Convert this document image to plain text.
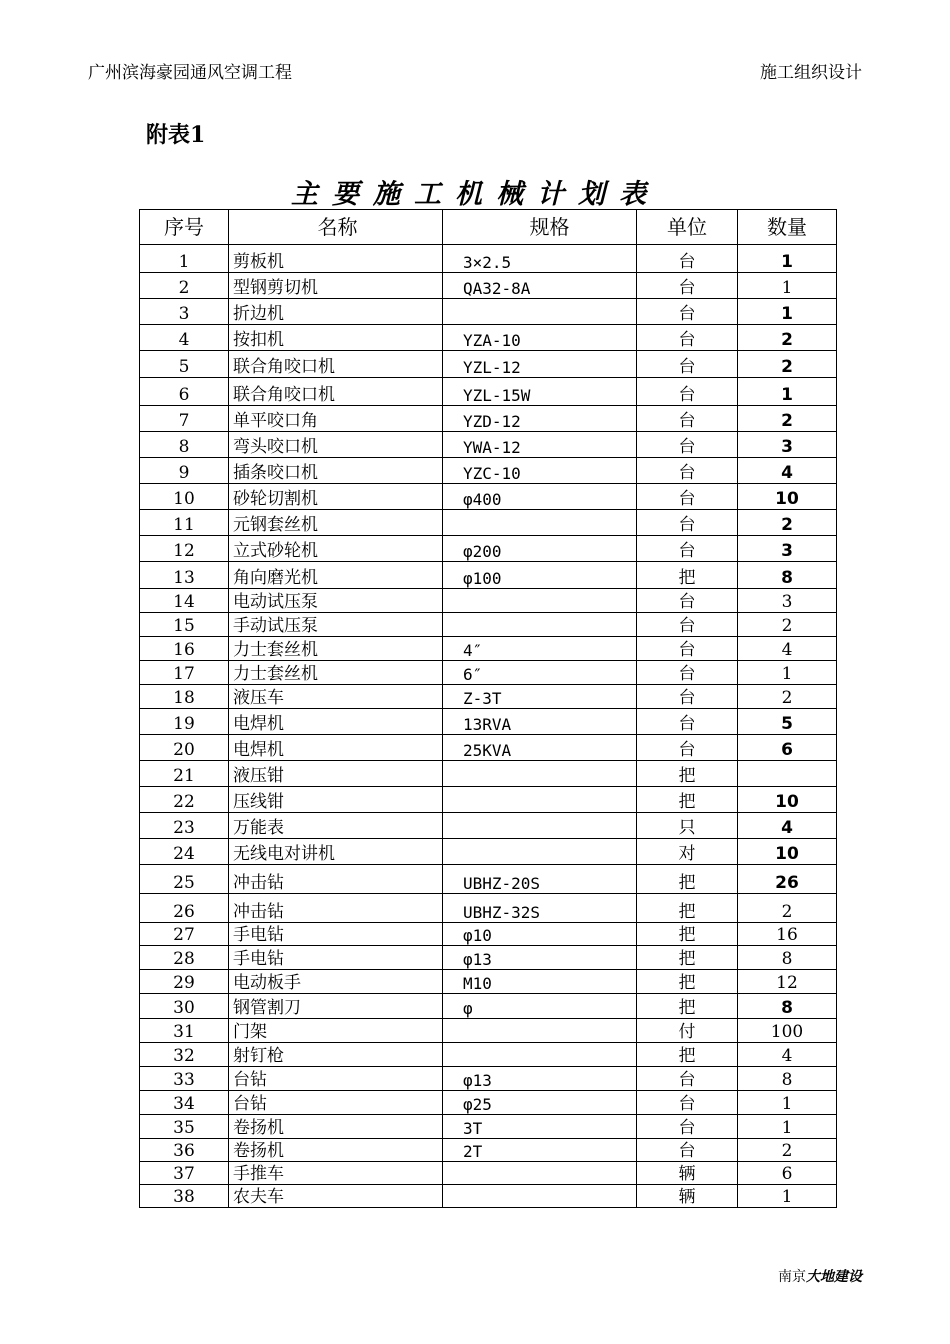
广州滨海豪园通风空调工程	施工组织设计
附表1
主要施工机械计划表
序号	名称	规格	单位	数量
1	剪板机	3×2.5	台	1
2	型钢剪切机	QA32-8A	台	1
3	折边机		台	1
4	按扣机	YZA-10	台	2
5	联合角咬口机	YZL-12	台	2
6	联合角咬口机	YZL-15W	台	1
7	单平咬口角	YZD-12	台	2
8	弯头咬口机	YWA-12	台	3
9	插条咬口机	YZC-10	台	4
10	砂轮切割机	φ400	台	10
11	元钢套丝机		台	2
12	立式砂轮机	φ200	台	3
13	角向磨光机	φ100	把	8
14	电动试压泵		台	3
15	手动试压泵		台	2
16	力士套丝机	4″	台	4
17	力士套丝机	6″	台	1
18	液压车	Z-3T	台	2
19	电焊机	13RVA	台	5
20	电焊机	25KVA	台	6
21	液压钳		把	
22	压线钳		把	10
23	万能表		只	4
24	无线电对讲机		对	10
25	冲击钻	UBHZ-20S	把	26
26	冲击钻	UBHZ-32S	把	2
27	手电钻	φ10	把	16
28	手电钻	φ13	把	8
29	电动板手	M10	把	12
30	钢管割刀	φ	把	8
31	门架		付	100
32	射钉枪		把	4
33	台钻	φ13	台	8
34	台钻	φ25	台	1
35	卷扬机	3T	台	1
36	卷扬机	2T	台	2
37	手推车		辆	6
38	农夫车		辆	1
南京大地建设
